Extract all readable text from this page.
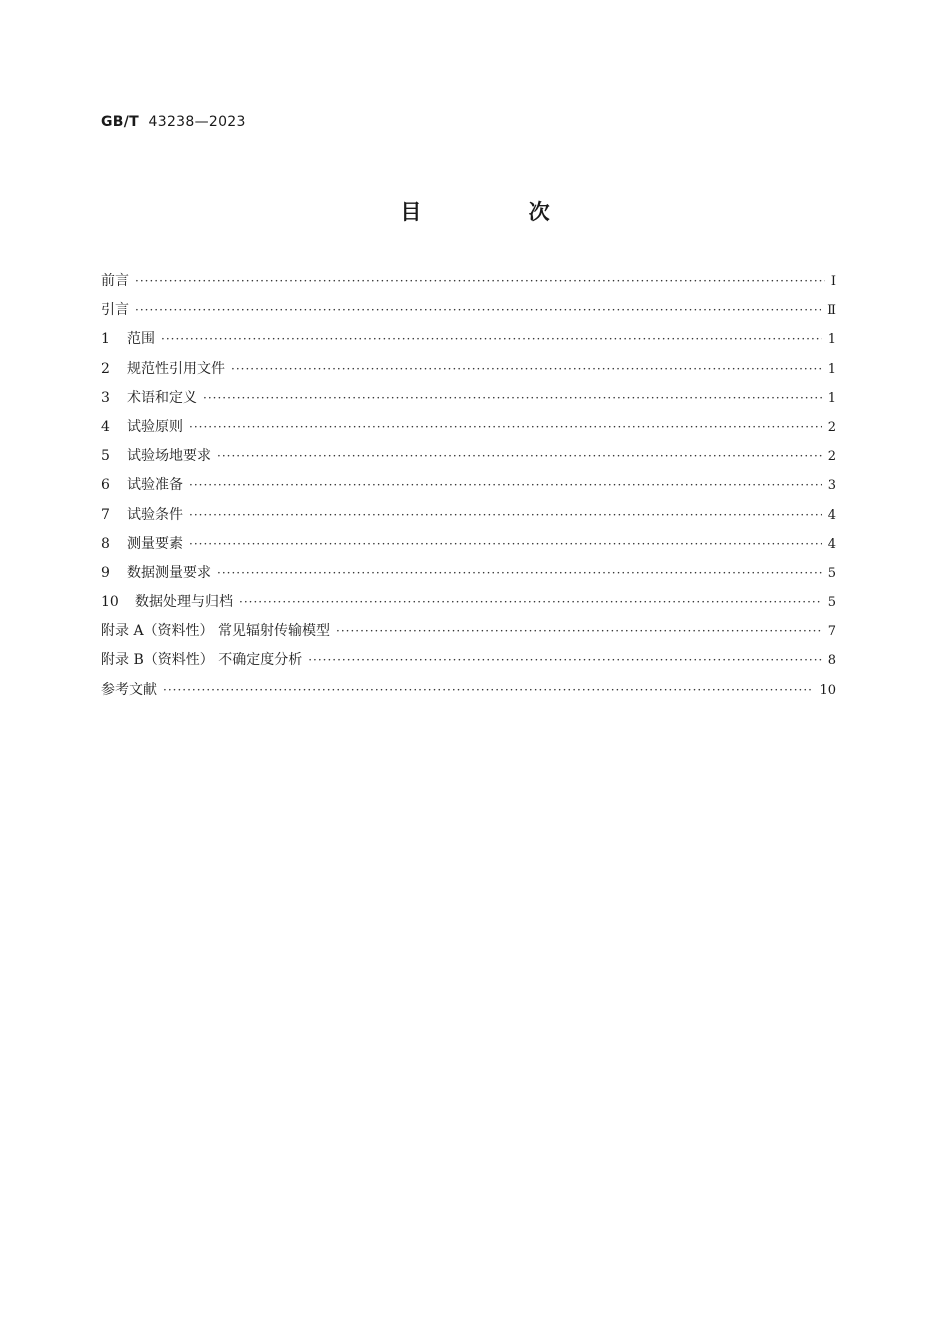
GB/T 43238—2023
目 次
前言 ·····	Ⅰ
引言 ·····	Ⅱ
1 范围 ·····	1
2 规范性引用文件 ·····	1
3 术语和定义 ·····	1
4 试验原则 ·····	2
5 试验场地要求 ·····	2
6 试验准备 ·····	3
7 试验条件 ·····	4
8 测量要素 ·····	4
9 数据测量要求 ·····	5
10 数据处理与归档 ·····	5
附录 A（资料性） 常见辐射传输模型 ·····	7
附录 B（资料性） 不确定度分析 ·····	8
参考文献 ·····	10
